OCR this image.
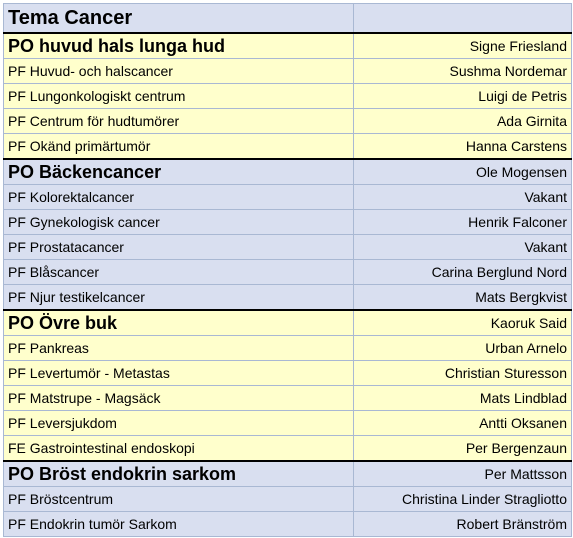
Tema Cancer	
PO huvud hals lunga hud	Signe Friesland
PF Huvud- och halscancer	Sushma Nordemar
PF Lungonkologiskt centrum	Luigi de Petris
PF Centrum för hudtumörer	Ada Girnita
PF Okänd primärtumör	Hanna Carstens
PO Bäckencancer	Ole Mogensen
PF Kolorektalcancer	Vakant
PF Gynekologisk cancer	Henrik Falconer
PF Prostatacancer	Vakant
PF Blåscancer	Carina Berglund Nord
PF Njur testikelcancer	Mats Bergkvist
PO Övre buk	Kaoruk Said
PF Pankreas	Urban Arnelo
PF Levertumör - Metastas	Christian Sturesson
PF Matstrupe - Magsäck	Mats Lindblad
PF Leversjukdom	Antti Oksanen
FE Gastrointestinal endoskopi	Per Bergenzaun
PO Bröst endokrin sarkom	Per Mattsson
PF Bröstcentrum	Christina Linder Stragliotto
PF Endokrin tumör Sarkom	Robert Bränström
